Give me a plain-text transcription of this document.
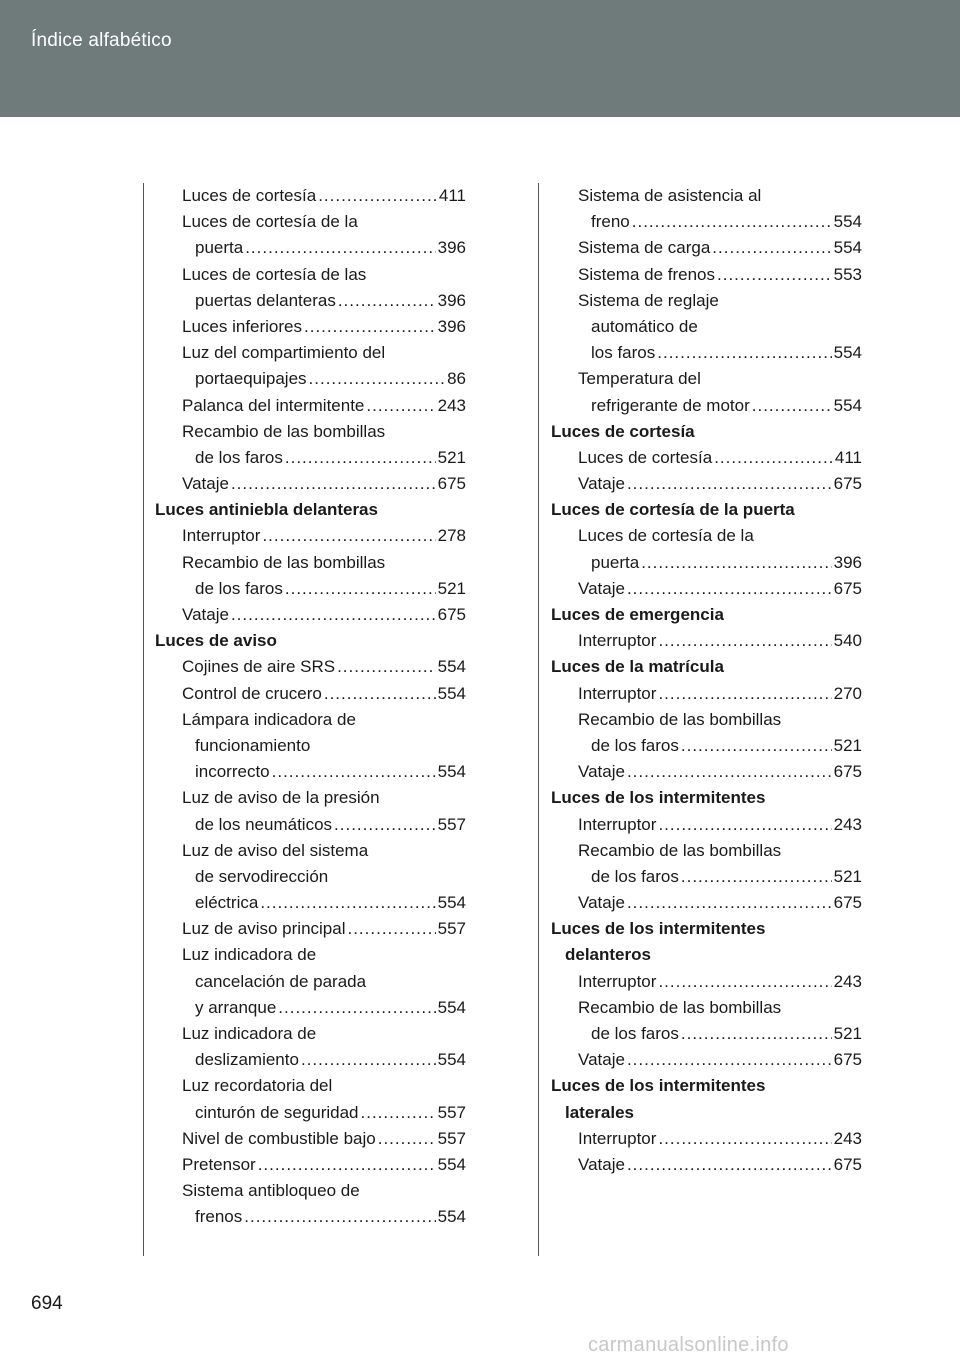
Índice alfabético
Luces de cortesía .....	411
Luces de cortesía de la
puerta .....	396
Luces de cortesía de las
puertas delanteras .....	396
Luces inferiores .....	396
Luz del compartimiento del
portaequipajes .....	86
Palanca del intermitente .....	243
Recambio de las bombillas
de los faros .....	521
Vataje .....	675
Luces antiniebla delanteras
Interruptor .....	278
Recambio de las bombillas
de los faros .....	521
Vataje .....	675
Luces de aviso
Cojines de aire SRS .....	554
Control de crucero .....	554
Lámpara indicadora de
funcionamiento
incorrecto .....	554
Luz de aviso de la presión
de los neumáticos .....	557
Luz de aviso del sistema
de servodirección
eléctrica .....	554
Luz de aviso principal .....	557
Luz indicadora de
cancelación de parada
y arranque .....	554
Luz indicadora de
deslizamiento .....	554
Luz recordatoria del
cinturón de seguridad .....	557
Nivel de combustible bajo .....	557
Pretensor .....	554
Sistema antibloqueo de
frenos .....	554
Sistema de asistencia al
freno .....	554
Sistema de carga .....	554
Sistema de frenos .....	553
Sistema de reglaje
automático de
los faros .....	554
Temperatura del
refrigerante de motor .....	554
Luces de cortesía
Luces de cortesía .....	411
Vataje .....	675
Luces de cortesía de la puerta
Luces de cortesía de la
puerta .....	396
Vataje .....	675
Luces de emergencia
Interruptor .....	540
Luces de la matrícula
Interruptor .....	270
Recambio de las bombillas
de los faros .....	521
Vataje .....	675
Luces de los intermitentes
Interruptor .....	243
Recambio de las bombillas
de los faros .....	521
Vataje .....	675
Luces de los intermitentes
delanteros
Interruptor .....	243
Recambio de las bombillas
de los faros .....	521
Vataje .....	675
Luces de los intermitentes
laterales
Interruptor .....	243
Vataje .....	675
694
carmanualsonline.info
